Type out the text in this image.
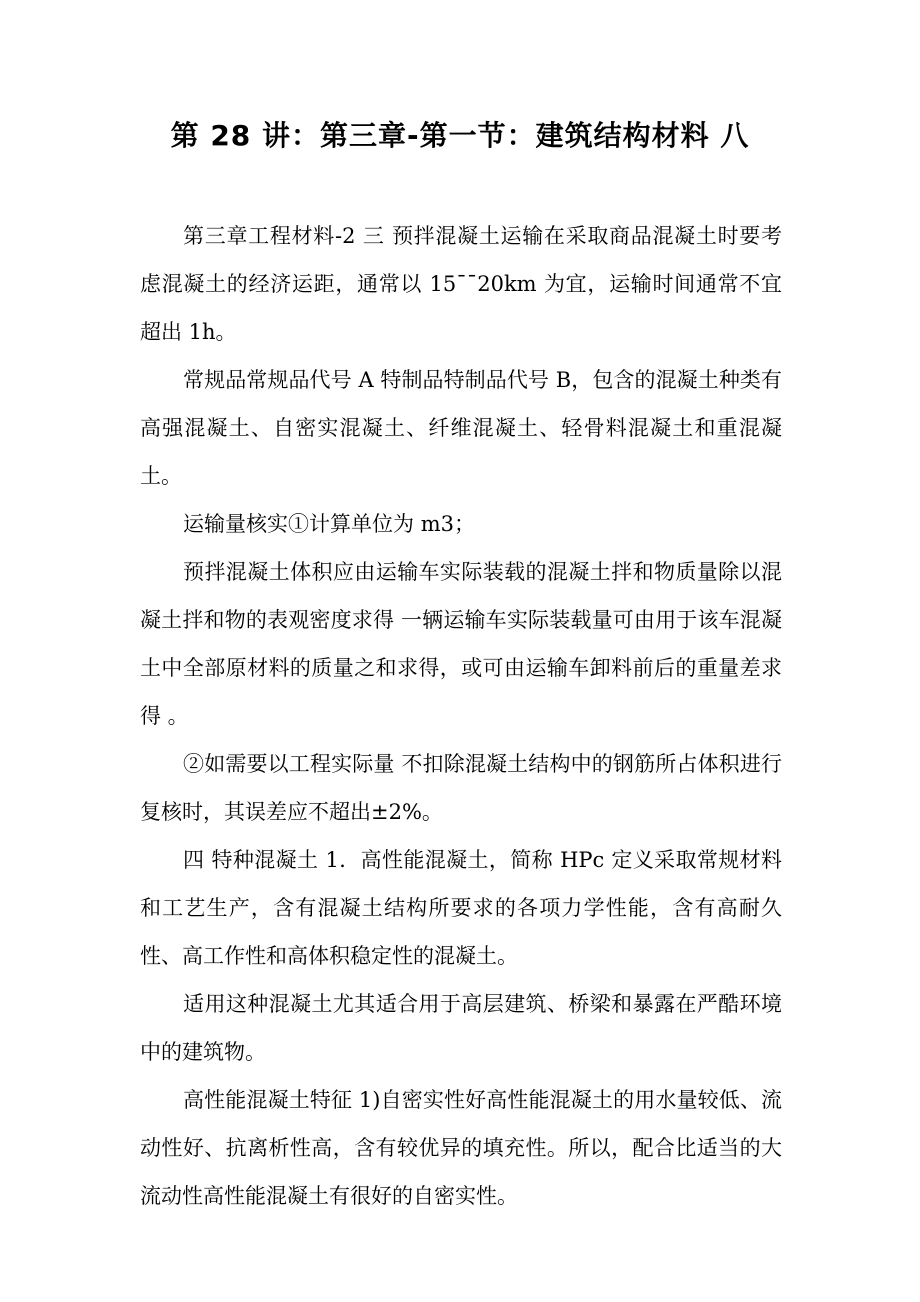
第 28 讲：第三章-第一节：建筑结构材料 八

第三章工程材料-2 三 预拌混凝土运输在采取商品混凝土时要考虑混凝土的经济运距，通常以 15¯¯20km 为宜，运输时间通常不宜超出 1h。

常规品常规品代号 A 特制品特制品代号 B，包含的混凝土种类有高强混凝土、自密实混凝土、纤维混凝土、轻骨料混凝土和重混凝土。

运输量核实①计算单位为 m3；

预拌混凝土体积应由运输车实际装载的混凝土拌和物质量除以混凝土拌和物的表观密度求得 一辆运输车实际装载量可由用于该车混凝土中全部原材料的质量之和求得，或可由运输车卸料前后的重量差求得 。

②如需要以工程实际量 不扣除混凝土结构中的钢筋所占体积进行复核时，其误差应不超出±2%。

四 特种混凝土 1．高性能混凝土，简称 HPc 定义采取常规材料和工艺生产，含有混凝土结构所要求的各项力学性能，含有高耐久性、高工作性和高体积稳定性的混凝土。

适用这种混凝土尤其适合用于高层建筑、桥梁和暴露在严酷环境中的建筑物。

高性能混凝土特征 1)自密实性好高性能混凝土的用水量较低、流动性好、抗离析性高，含有较优异的填充性。所以，配合比适当的大流动性高性能混凝土有很好的自密实性。
